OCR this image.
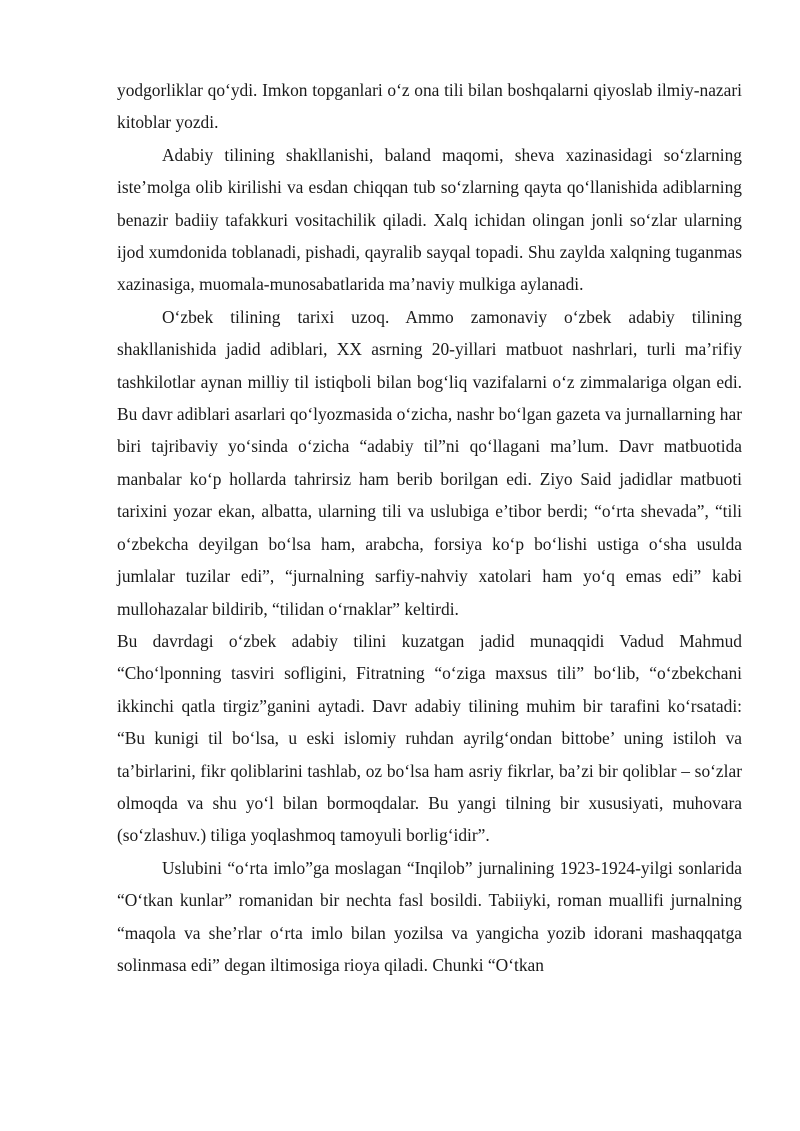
yodgorliklar qo‘ydi. Imkon topganlari o‘z ona tili bilan boshqalarni qiyoslab ilmiy-nazari kitoblar yozdi.

Adabiy tilining shakllanishi, baland maqomi, sheva xazinasidagi so‘zlarning iste’molga olib kirilishi va esdan chiqqan tub so‘zlarning qayta qo‘llanishida adiblarning benazir badiiy tafakkuri vositachilik qiladi. Xalq ichidan olingan jonli so‘zlar ularning ijod xumdonida toblanadi, pishadi, qayralib sayqal topadi. Shu zaylda xalqning tuganmas xazinasiga, muomala-munosabatlarida ma’naviy mulkiga aylanadi.

O‘zbek tilining tarixi uzoq. Ammo zamonaviy o‘zbek adabiy tilining shakllanishida jadid adiblari, XX asrning 20-yillari matbuot nashrlari, turli ma’rifiy tashkilotlar aynan milliy til istiqboli bilan bog‘liq vazifalarni o‘z zimmalariga olgan edi. Bu davr adiblari asarlari qo‘lyozmasida o‘zicha, nashr bo‘lgan gazeta va jurnallarning har biri tajribaviy yo‘sinda o‘zicha “adabiy til”ni qo‘llagani ma’lum. Davr matbuotida manbalar ko‘p hollarda tahrirsiz ham berib borilgan edi. Ziyo Said jadidlar matbuoti tarixini yozar ekan, albatta, ularning tili va uslubiga e’tibor berdi; “o‘rta shevada”, “tili o‘zbekcha deyilgan bo‘lsa ham, arabcha, forsiya ko‘p bo‘lishi ustiga o‘sha usulda jumlalar tuzilar edi”, “jurnalning sarfiy-nahviy xatolari ham yo‘q emas edi” kabi mullohazalar bildirib, “tilidan o‘rnaklar” keltirdi.

Bu davrdagi o‘zbek adabiy tilini kuzatgan jadid munaqqidi Vadud Mahmud “Cho‘lponning tasviri sofligini, Fitratning “o‘ziga maxsus tili” bo‘lib, “o‘zbekchani ikkinchi qatla tirgiz”ganini aytadi. Davr adabiy tilining muhim bir tarafini ko‘rsatadi: “Bu kunigi til bo‘lsa, u eski islomiy ruhdan ayrilg‘ondan bittobe’ uning istiloh va ta’birlarini, fikr qoliblarini tashlab, oz bo‘lsa ham asriy fikrlar, ba’zi bir qoliblar – so‘zlar olmoqda va shu yo‘l bilan bormoqdalar. Bu yangi tilning bir xususiyati, muhovara (so‘zlashuv.) tiliga yoqlashmoq tamoyuli borlig‘idir”.

Uslubini “o‘rta imlo”ga moslagan “Inqilob” jurnalining 1923-1924-yilgi sonlarida “O‘tkan kunlar” romanidan bir nechta fasl bosildi. Tabiiyki, roman muallifi jurnalning “maqola va she’rlar o‘rta imlo bilan yozilsa va yangicha yozib idorani mashaqqatga solinmasa edi” degan iltimosiga rioya qiladi. Chunki “O‘tkan
